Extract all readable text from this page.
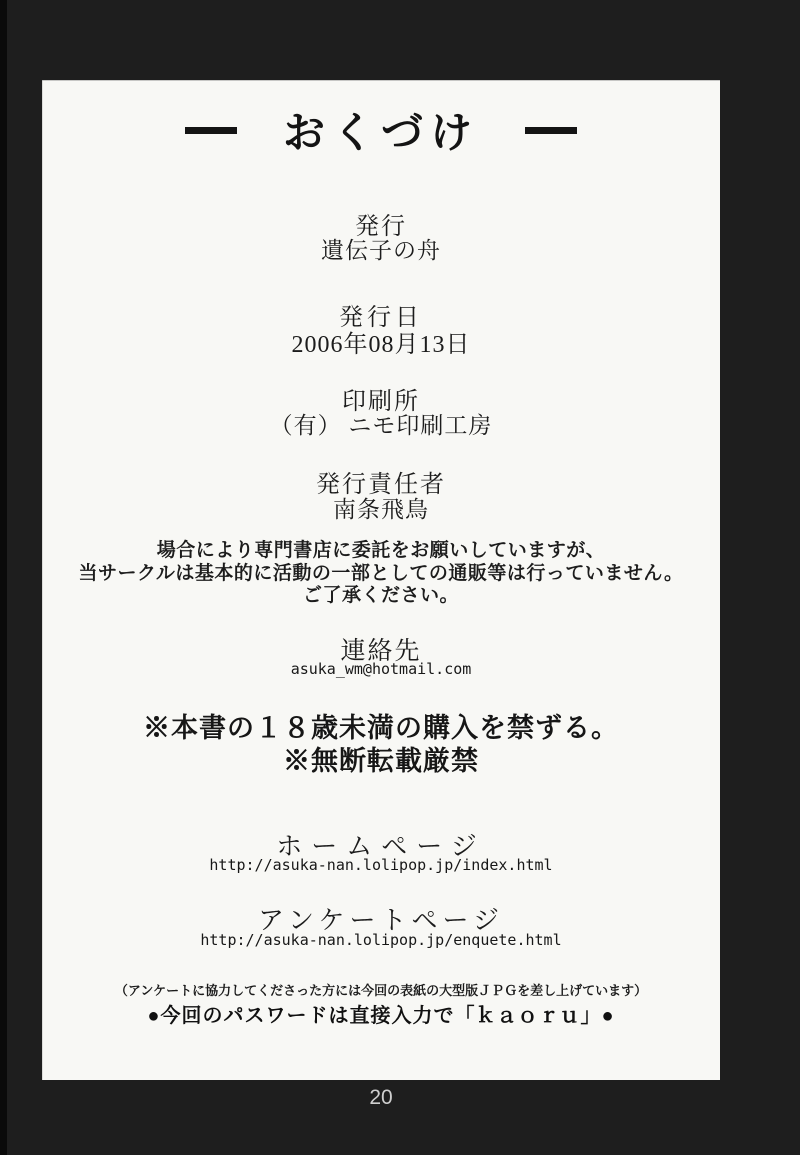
おくづけ
発行
遺伝子の舟
発行日
2006年08月13日
印刷所
（有） ニモ印刷工房
発行責任者
南条飛鳥
場合により専門書店に委託をお願いしていますが、
当サークルは基本的に活動の一部としての通販等は行っていません。
ご了承ください。
連絡先
asuka_wm@hotmail.com
※本書の１８歳未満の購入を禁ずる。
※無断転載厳禁
ホームページ
http://asuka-nan.lolipop.jp/index.html
アンケートページ
http://asuka-nan.lolipop.jp/enquete.html
（アンケートに協力してくださった方には今回の表紙の大型版ＪＰＧを差し上げています）
●今回のパスワードは直接入力で「ｋａｏｒｕ」●
20
